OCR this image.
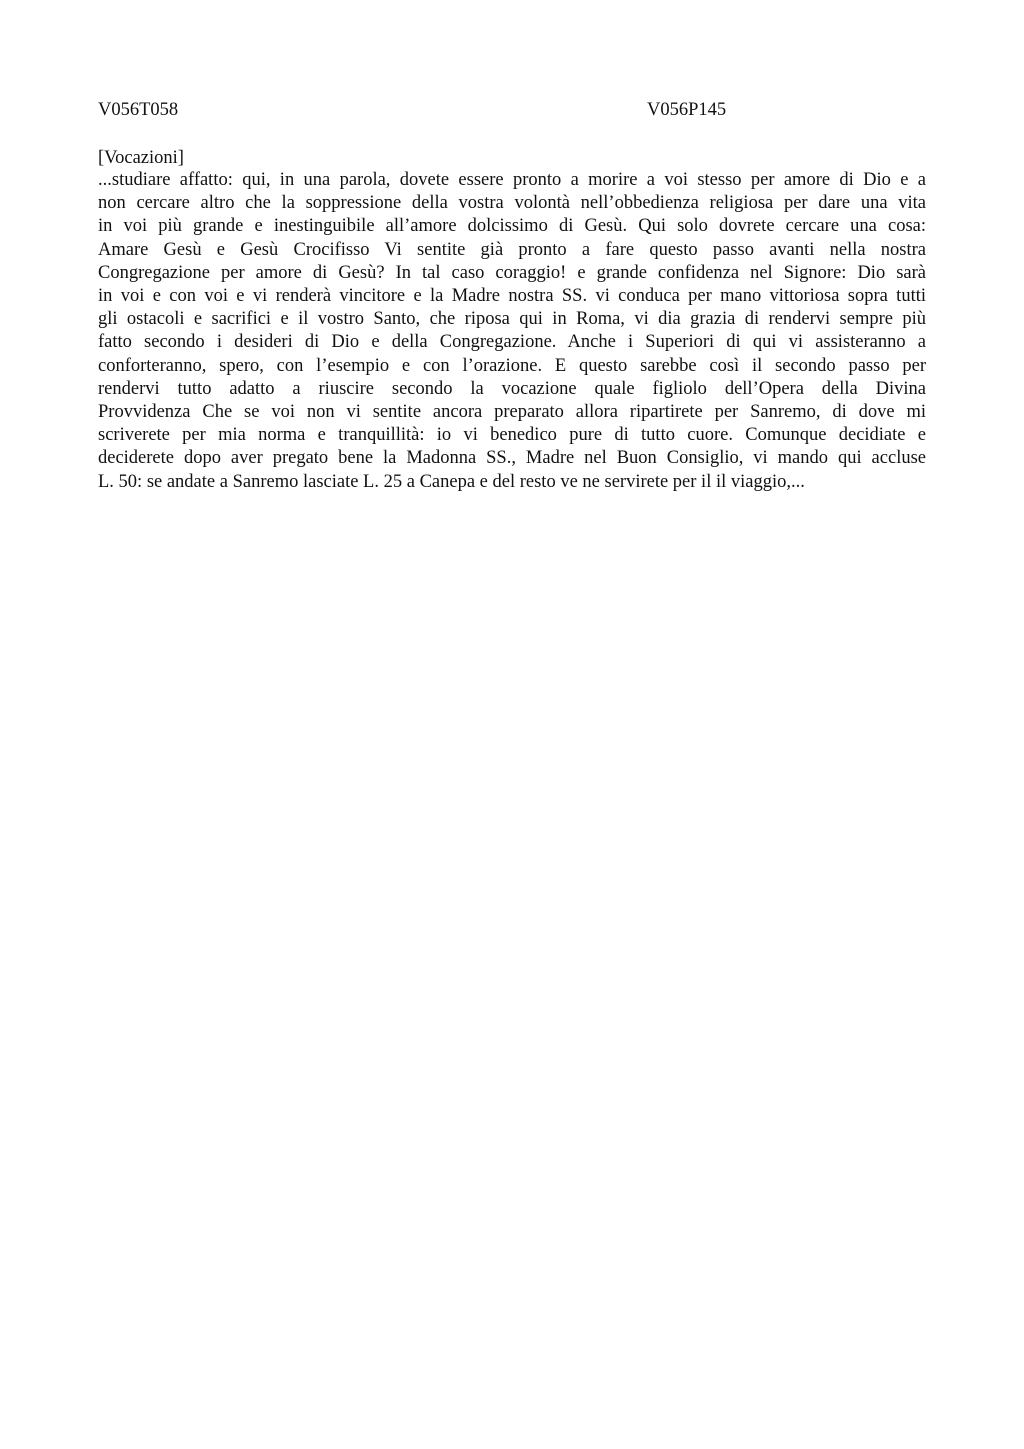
V056T058	V056P145
[Vocazioni]
...studiare affatto: qui, in una parola, dovete essere pronto a morire a voi stesso per amore di Dio e a
non cercare altro che la soppressione della vostra volontà nell’obbedienza religiosa per dare una vita
in voi più grande e inestinguibile all’amore dolcissimo di Gesù. Qui solo dovrete cercare una cosa:
Amare Gesù e Gesù Crocifisso Vi sentite già pronto a fare questo passo avanti nella nostra
Congregazione per amore di Gesù? In tal caso coraggio! e grande confidenza nel Signore: Dio sarà
in voi e con voi e vi renderà vincitore e la Madre nostra SS. vi conduca per mano vittoriosa sopra tutti
gli ostacoli e sacrifici e il vostro Santo, che riposa qui in Roma, vi dia grazia di rendervi sempre più
fatto secondo i desideri di Dio e della Congregazione. Anche i Superiori di qui vi assisteranno a
conforteranno, spero, con l’esempio e con l’orazione. E questo sarebbe così il secondo passo per
rendervi tutto adatto a riuscire secondo la vocazione quale figliolo dell’Opera della Divina
Provvidenza Che se voi non vi sentite ancora preparato allora ripartirete per Sanremo, di dove mi
scriverete per mia norma e tranquillità: io vi benedico pure di tutto cuore. Comunque decidiate e
deciderete dopo aver pregato bene la Madonna SS., Madre nel Buon Consiglio, vi mando qui accluse
L. 50: se andate a Sanremo lasciate L. 25 a Canepa e del resto ve ne servirete per il il viaggio,...
